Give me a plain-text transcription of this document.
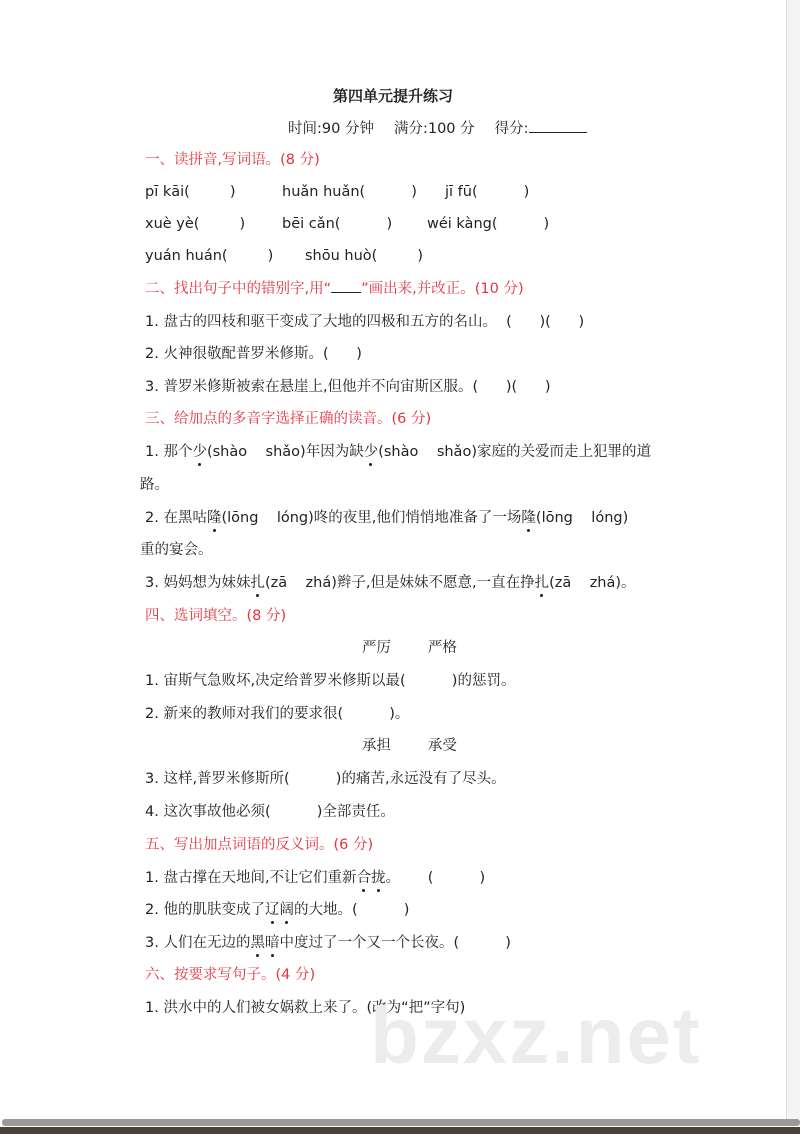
第四单元提升练习
时间:90 分钟 满分:100 分 得分:
一、读拼音,写词语。(8 分)
pī kāi(	)	huǎn huǎn(	) jī fū(	)
xuè yè(	)	bēi cǎn(	) wéi kàng(	)
yuán huán(	) shōu huò(	)
二、找出句子中的错别字,用“ ”画出来,并改正。(10 分)
1. 盘古的四枝和驱干变成了大地的四极和五方的名山。  (      )(      )
2. 火神很敬配普罗米修斯。(      )
3. 普罗米修斯被索在悬崖上,但他并不向宙斯区服。(      )(      )
三、给加点的多音字选择正确的读音。(6 分)
1. 那个少(shào    shǎo)年因为缺少(shào    shǎo)家庭的关爱而走上犯罪的道
路。
2. 在黑咕隆(lōng    lóng)咚的夜里,他们悄悄地准备了一场隆(lōng    lóng)
重的宴会。
3. 妈妈想为妹妹扎(zā    zhá)辫子,但是妹妹不愿意,一直在挣扎(zā    zhá)。
四、选词填空。(8 分)
严厉        严格
1. 宙斯气急败坏,决定给普罗米修斯以最(          )的惩罚。
2. 新来的教师对我们的要求很(          )。
承担        承受
3. 这样,普罗米修斯所(          )的痛苦,永远没有了尽头。
4. 这次事故他必须(          )全部责任。
五、写出加点词语的反义词。(6 分)
1. 盘古撑在天地间,不让它们重新合拢。      (          )
2. 他的肌肤变成了辽阔的大地。(          )
3. 人们在无边的黑暗中度过了一个又一个长夜。(          )
六、按要求写句子。(4 分)
1. 洪水中的人们被女娲救上来了。(改为“把”字句)
bzxz.net
